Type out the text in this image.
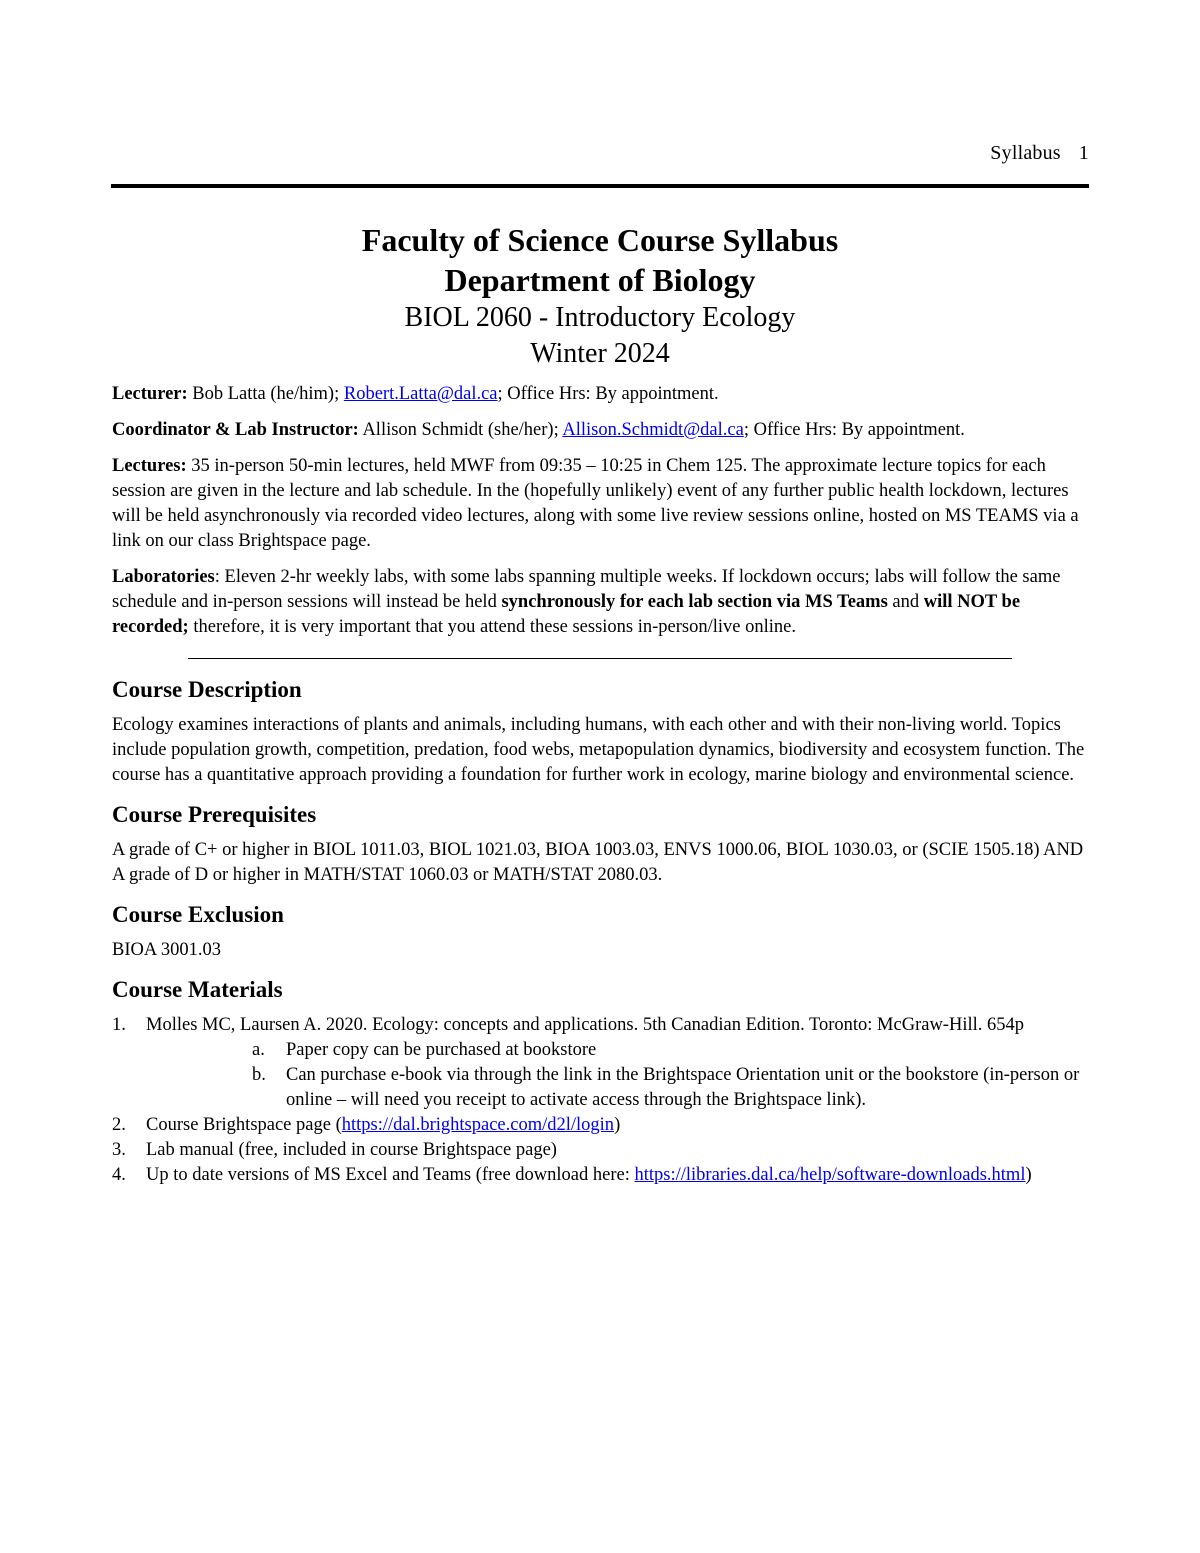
Syllabus 1

Faculty of Science Course Syllabus

Department of Biology

BIOL 2060 - Introductory Ecology

Winter 2024

Lecturer: Bob Latta (he/him); Robert.Latta@dal.ca; Office Hrs: By appointment.

Coordinator & Lab Instructor: Allison Schmidt (she/her); Allison.Schmidt@dal.ca; Office Hrs: By appointment.

Lectures: 35 in-person 50-min lectures, held MWF from 09:35 – 10:25 in Chem 125. The approximate lecture topics for each session are given in the lecture and lab schedule. In the (hopefully unlikely) event of any further public health lockdown, lectures will be held asynchronously via recorded video lectures, along with some live review sessions online, hosted on MS TEAMS via a link on our class Brightspace page.

Laboratories: Eleven 2-hr weekly labs, with some labs spanning multiple weeks. If lockdown occurs; labs will follow the same schedule and in-person sessions will instead be held synchronously for each lab section via MS Teams and will NOT be recorded; therefore, it is very important that you attend these sessions in-person/live online.

Course Description

Ecology examines interactions of plants and animals, including humans, with each other and with their non-living world. Topics include population growth, competition, predation, food webs, metapopulation dynamics, biodiversity and ecosystem function. The course has a quantitative approach providing a foundation for further work in ecology, marine biology and environmental science.

Course Prerequisites

A grade of C+ or higher in BIOL 1011.03, BIOL 1021.03, BIOA 1003.03, ENVS 1000.06, BIOL 1030.03, or (SCIE 1505.18) AND A grade of D or higher in MATH/STAT 1060.03 or MATH/STAT 2080.03.

Course Exclusion

BIOA 3001.03

Course Materials
1. Molles MC, Laursen A. 2020. Ecology: concepts and applications. 5th Canadian Edition. Toronto: McGraw-Hill. 654p
a. Paper copy can be purchased at bookstore
b. Can purchase e-book via through the link in the Brightspace Orientation unit or the bookstore (in-person or online – will need you receipt to activate access through the Brightspace link).
2. Course Brightspace page (https://dal.brightspace.com/d2l/login)
3. Lab manual (free, included in course Brightspace page)
4. Up to date versions of MS Excel and Teams (free download here: https://libraries.dal.ca/help/software-downloads.html)
